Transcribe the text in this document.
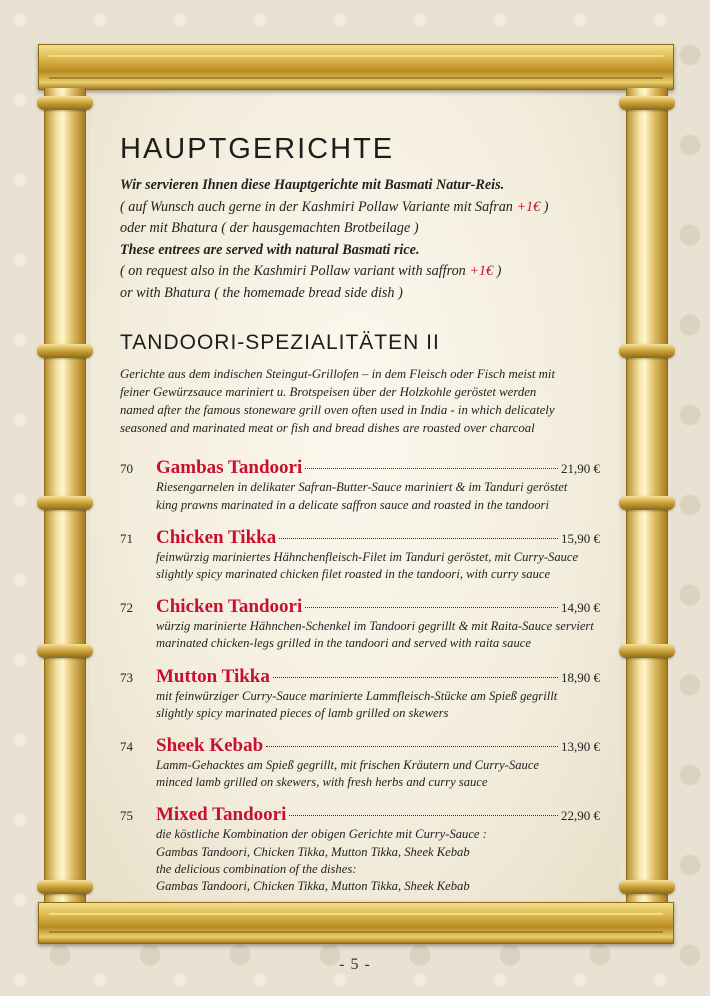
HAUPTGERICHTE

Wir servieren Ihnen diese Hauptgerichte mit Basmati Natur-Reis.

( auf Wunsch auch gerne in der Kashmiri Pollaw Variante mit Safran +1€ )

oder mit Bhatura ( der hausgemachten Brotbeilage )

These entrees are served with natural Basmati rice.

( on request also in the Kashmiri Pollaw variant with saffron +1€ )

or with Bhatura ( the homemade bread side dish )

TANDOORI-SPEZIALITÄTEN II

Gerichte aus dem indischen Steingut-Grillofen – in dem Fleisch oder Fisch meist mit

feiner Gewürzsauce mariniert u. Brotspeisen über der Holzkohle geröstet werden

named after the famous stoneware grill oven often used in India - in which delicately

seasoned and marinated meat or fish and bread dishes are roasted over charcoal

70	Gambas Tandoori	21,90 €

Riesengarnelen in delikater Safran-Butter-Sauce mariniert & im Tanduri geröstet

king prawns marinated in a delicate saffron sauce and roasted in the tandoori

71	Chicken Tikka	15,90 €

feinwürzig mariniertes Hähnchenfleisch-Filet im Tanduri geröstet, mit Curry-Sauce

slightly spicy marinated chicken filet roasted in the tandoori, with curry sauce

72	Chicken Tandoori	14,90 €

würzig marinierte Hähnchen-Schenkel im Tandoori gegrillt & mit Raita-Sauce serviert

marinated chicken-legs grilled in the tandoori and served with raita sauce

73	Mutton Tikka	18,90 €

mit feinwürziger Curry-Sauce marinierte Lammfleisch-Stücke am Spieß gegrillt

slightly spicy marinated pieces of lamb grilled on skewers

74	Sheek Kebab	13,90 €

Lamm-Gehacktes am Spieß gegrillt, mit frischen Kräutern und Curry-Sauce

minced lamb grilled on skewers, with fresh herbs and curry sauce

75	Mixed Tandoori	22,90 €

die köstliche Kombination der obigen Gerichte mit Curry-Sauce :

Gambas Tandoori, Chicken Tikka, Mutton Tikka, Sheek Kebab

the delicious combination of the dishes:

Gambas Tandoori, Chicken Tikka, Mutton Tikka, Sheek Kebab

- 5 -
